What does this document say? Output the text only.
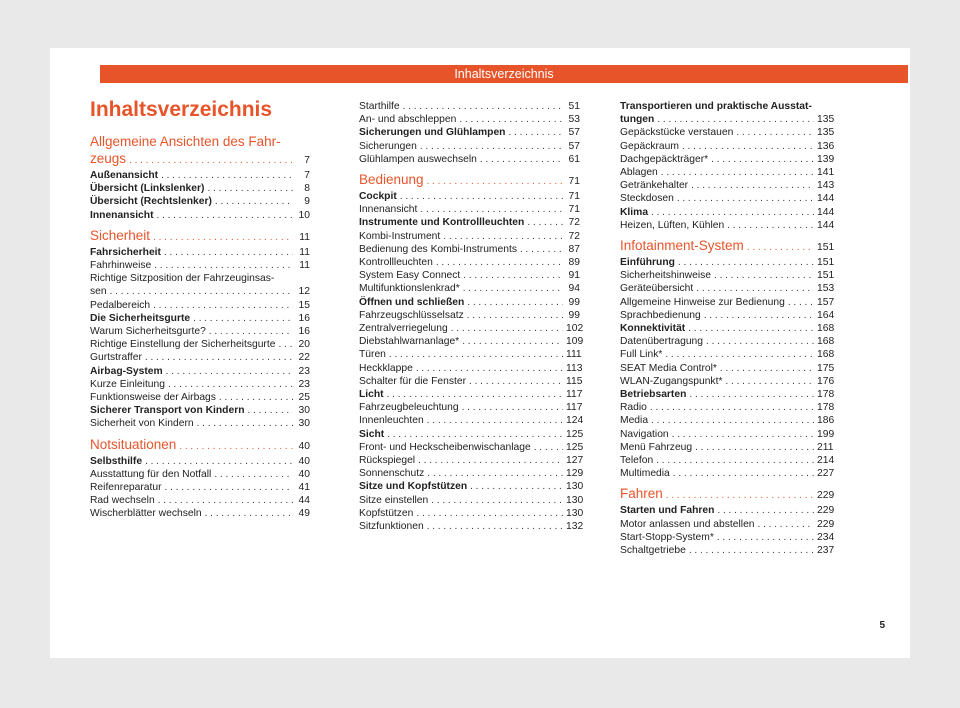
Inhaltsverzeichnis
Inhaltsverzeichnis
Allgemeine Ansichten des Fahr-
zeugs . . .	7
Außenansicht . . .	7
Übersicht (Linkslenker) . . .	8
Übersicht (Rechtslenker) . . .	9
Innenansicht . . .	10
Sicherheit . . .	11
Fahrsicherheit . . .	11
Fahrhinweise . . .	11
Richtige Sitzposition der Fahrzeuginsas-
sen . . .	12
Pedalbereich . . .	15
Die Sicherheitsgurte . . .	16
Warum Sicherheitsgurte? . . .	16
Richtige Einstellung der Sicherheitsgurte . . . 20
Gurtstraffer . . .	22
Airbag-System . . .	23
Kurze Einleitung . . .	23
Funktionsweise der Airbags . . .	25
Sicherer Transport von Kindern . . .	30
Sicherheit von Kindern . . .	30
Notsituationen . . .	40
Selbsthilfe . . .	40
Ausstattung für den Notfall . . .	40
Reifenreparatur . . .	41
Rad wechseln . . .	44
Wischerblätter wechseln . . .	49
Starthilfe . . .	51
An- und abschleppen . . .	53
Sicherungen und Glühlampen . . .	57
Sicherungen . . .	57
Glühlampen auswechseln . . .	61
Bedienung . . .	71
Cockpit . . .	71
Innenansicht . . .	71
Instrumente und Kontrollleuchten . . .	72
Kombi-Instrument . . .	72
Bedienung des Kombi-Instruments . . .	87
Kontrollleuchten . . .	89
System Easy Connect . . .	91
Multifunktionslenkrad* . . .	94
Öffnen und schließen . . .	99
Fahrzeugschlüsselsatz . . .	99
Zentralverriegelung . . .	102
Diebstahlwarnanlage* . . .	109
Türen . . .	111
Heckklappe . . .	113
Schalter für die Fenster . . .	115
Licht . . .	117
Fahrzeugbeleuchtung . . .	117
Innenleuchten . . .	124
Sicht . . .	125
Front- und Heckscheibenwischanlage . . .	125
Rückspiegel . . .	127
Sonnenschutz . . .	129
Sitze und Kopfstützen . . .	130
Sitze einstellen . . .	130
Kopfstützen . . .	130
Sitzfunktionen . . .	132
Transportieren und praktische Ausstat-
tungen . . .	135
Gepäckstücke verstauen . . .	135
Gepäckraum . . .	136
Dachgepäckträger* . . .	139
Ablagen . . .	141
Getränkehalter . . .	143
Steckdosen . . .	144
Klima . . .	144
Heizen, Lüften, Kühlen . . .	144
Infotainment-System . . .	151
Einführung . . .	151
Sicherheitshinweise . . .	151
Geräteübersicht . . .	153
Allgemeine Hinweise zur Bedienung . . .	157
Sprachbedienung . . .	164
Konnektivität . . .	168
Datenübertragung . . .	168
Full Link* . . .	168
SEAT Media Control* . . .	175
WLAN-Zugangspunkt* . . .	176
Betriebsarten . . .	178
Radio . . .	178
Media . . .	186
Navigation . . .	199
Menü Fahrzeug . . .	211
Telefon . . .	214
Multimedia . . .	227
Fahren . . .	229
Starten und Fahren . . .	229
Motor anlassen und abstellen . . .	229
Start-Stopp-System* . . .	234
Schaltgetriebe . . .	237
5
